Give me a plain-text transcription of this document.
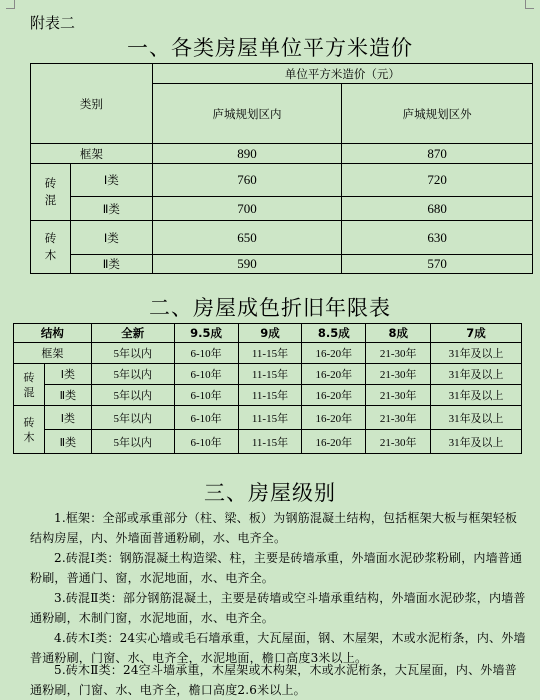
附表二
一、各类房屋单位平方米造价
类别		单位平方米造价（元）	
		庐城规划区内	庐城规划区外
框架		890	870
砖
混	Ⅰ类	760	720
	Ⅱ类	700	680
砖
木	Ⅰ类	650	630
	Ⅱ类	590	570
二、房屋成色折旧年限表
结构		全新	9.5成	9成	8.5成	8成	7成
框架		5年以内	6-10年	11-15年	16-20年	21-30年	31年及以上
砖
混	Ⅰ类	5年以内	6-10年	11-15年	16-20年	21-30年	31年及以上
	Ⅱ类	5年以内	6-10年	11-15年	16-20年	21-30年	31年及以上
砖
木	Ⅰ类	5年以内	6-10年	11-15年	16-20年	21-30年	31年及以上
	Ⅱ类	5年以内	6-10年	11-15年	16-20年	21-30年	31年及以上
三、房屋级别

1.框架：全部或承重部分（柱、梁、板）为钢筋混凝土结构，包括框架大板与框架轻板结构房屋，内、外墙面普通粉刷，水、电齐全。

2.砖混Ⅰ类：钢筋混凝土构造梁、柱，主要是砖墙承重，外墙面水泥砂浆粉刷，内墙普通粉刷，普通门、窗，水泥地面，水、电齐全。

3.砖混Ⅱ类：部分钢筋混凝土，主要是砖墙或空斗墙承重结构，外墙面水泥砂浆，内墙普通粉刷，木制门窗，水泥地面，水、电齐全。

4.砖木Ⅰ类：24实心墙或毛石墙承重，大瓦屋面，钢、木屋架，木或水泥桁条，内、外墙普通粉刷，门窗、水、电齐全，水泥地面，檐口高度3米以上。

5.砖木Ⅱ类：24空斗墙承重，木屋架或木构架，木或水泥桁条，大瓦屋面，内、外墙普通粉刷，门窗、水、电齐全，檐口高度2.6米以上。
